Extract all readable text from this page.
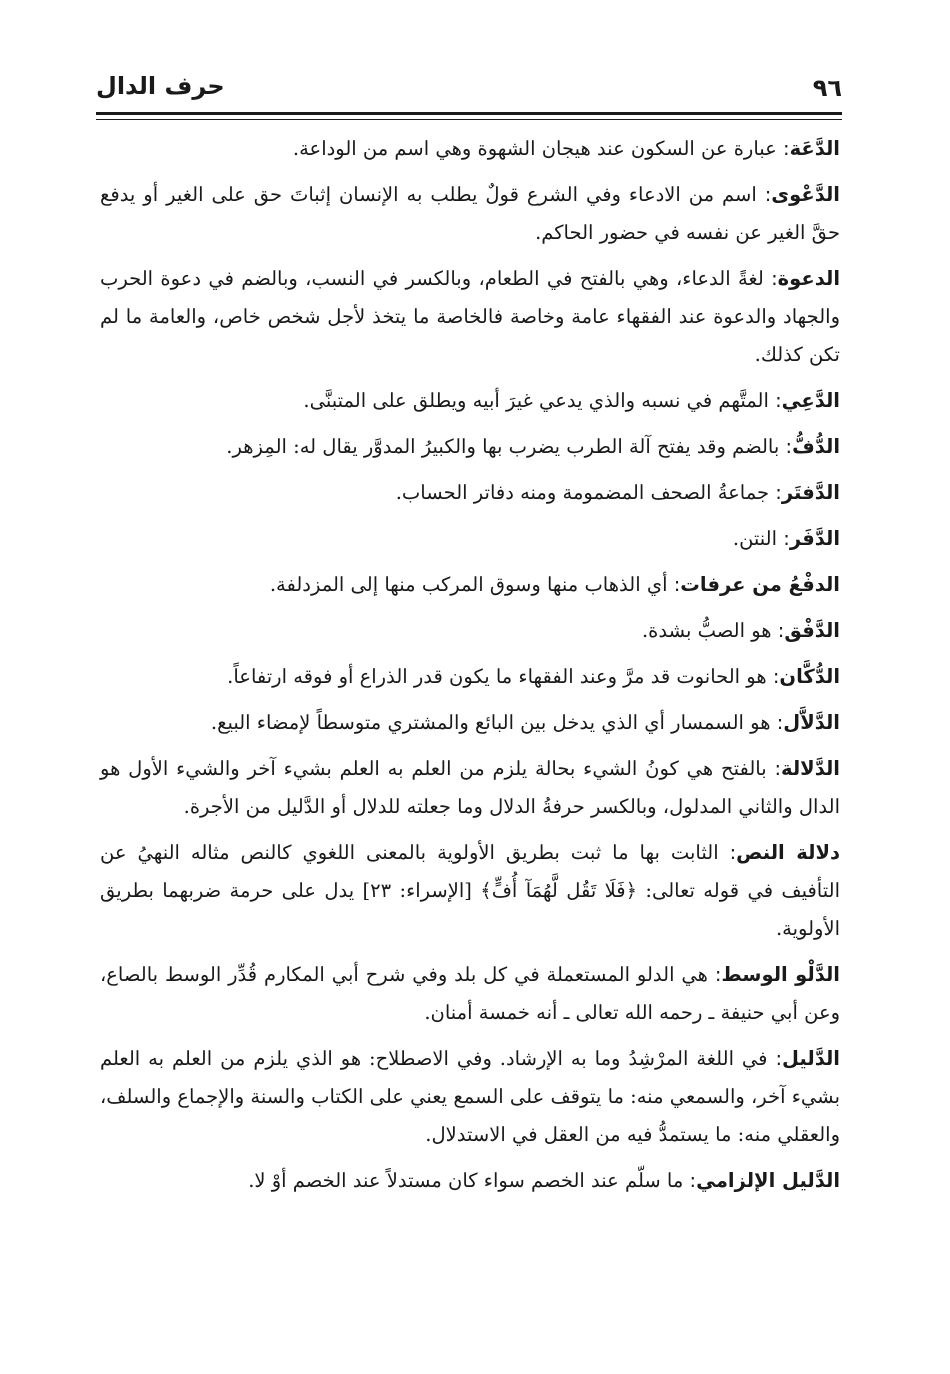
٩٦
حرف الدال

الدَّعَة: عبارة عن السكون عند هيجان الشهوة وهي اسم من الوداعة.

الدَّعْوى: اسم من الادعاء وفي الشرع قولٌ يطلب به الإنسان إثباتَ حق على الغير أو يدفع حقَّ الغير عن نفسه في حضور الحاكم.

الدعوة: لغةً الدعاء، وهي بالفتح في الطعام، وبالكسر في النسب، وبالضم في دعوة الحرب والجهاد والدعوة عند الفقهاء عامة وخاصة فالخاصة ما يتخذ لأجل شخص خاص، والعامة ما لم تكن كذلك.

الدَّعِي: المتَّهم في نسبه والذي يدعي غيرَ أبيه ويطلق على المتبنَّى.

الدُّفُّ: بالضم وقد يفتح آلة الطرب يضرب بها والكبيرُ المدوَّر يقال له: المِزهر.

الدَّفتَر: جماعةُ الصحف المضمومة ومنه دفاتر الحساب.

الدَّفَر: النتن.

الدفْعُ من عرفات: أي الذهاب منها وسوق المركب منها إلى المزدلفة.

الدَّفْق: هو الصبُّ بشدة.

الدُّكَّان: هو الحانوت قد مرَّ وعند الفقهاء ما يكون قدر الذراع أو فوقه ارتفاعاً.

الدَّلاَّل: هو السمسار أي الذي يدخل بين البائع والمشتري متوسطاً لإمضاء البيع.

الدَّلالة: بالفتح هي كونُ الشيء بحالة يلزم من العلم به العلم بشيء آخر والشيء الأول هو الدال والثاني المدلول، وبالكسر حرفةُ الدلال وما جعلته للدلال أو الدَّليل من الأجرة.

دلالة النص: الثابت بها ما ثبت بطريق الأولوية بالمعنى اللغوي كالنص مثاله النهيُ عن التأفيف في قوله تعالى: ﴿فَلَا تَقُل لَّهُمَآ أُفٍّ﴾ [الإسراء: ٢٣] يدل على حرمة ضربهما بطريق الأولوية.

الدَّلْو الوسط: هي الدلو المستعملة في كل بلد وفي شرح أبي المكارم قُدِّر الوسط بالصاع، وعن أبي حنيفة ـ رحمه الله تعالى ـ أنه خمسة أمنان.

الدَّليل: في اللغة المرْشِدُ وما به الإرشاد. وفي الاصطلاح: هو الذي يلزم من العلم به العلم بشيء آخر، والسمعي منه: ما يتوقف على السمع يعني على الكتاب والسنة والإجماع والسلف، والعقلي منه: ما يستمدُّ فيه من العقل في الاستدلال.

الدَّليل الإلزامي: ما سلّم عند الخصم سواء كان مستدلاً عند الخصم أوْ لا.
